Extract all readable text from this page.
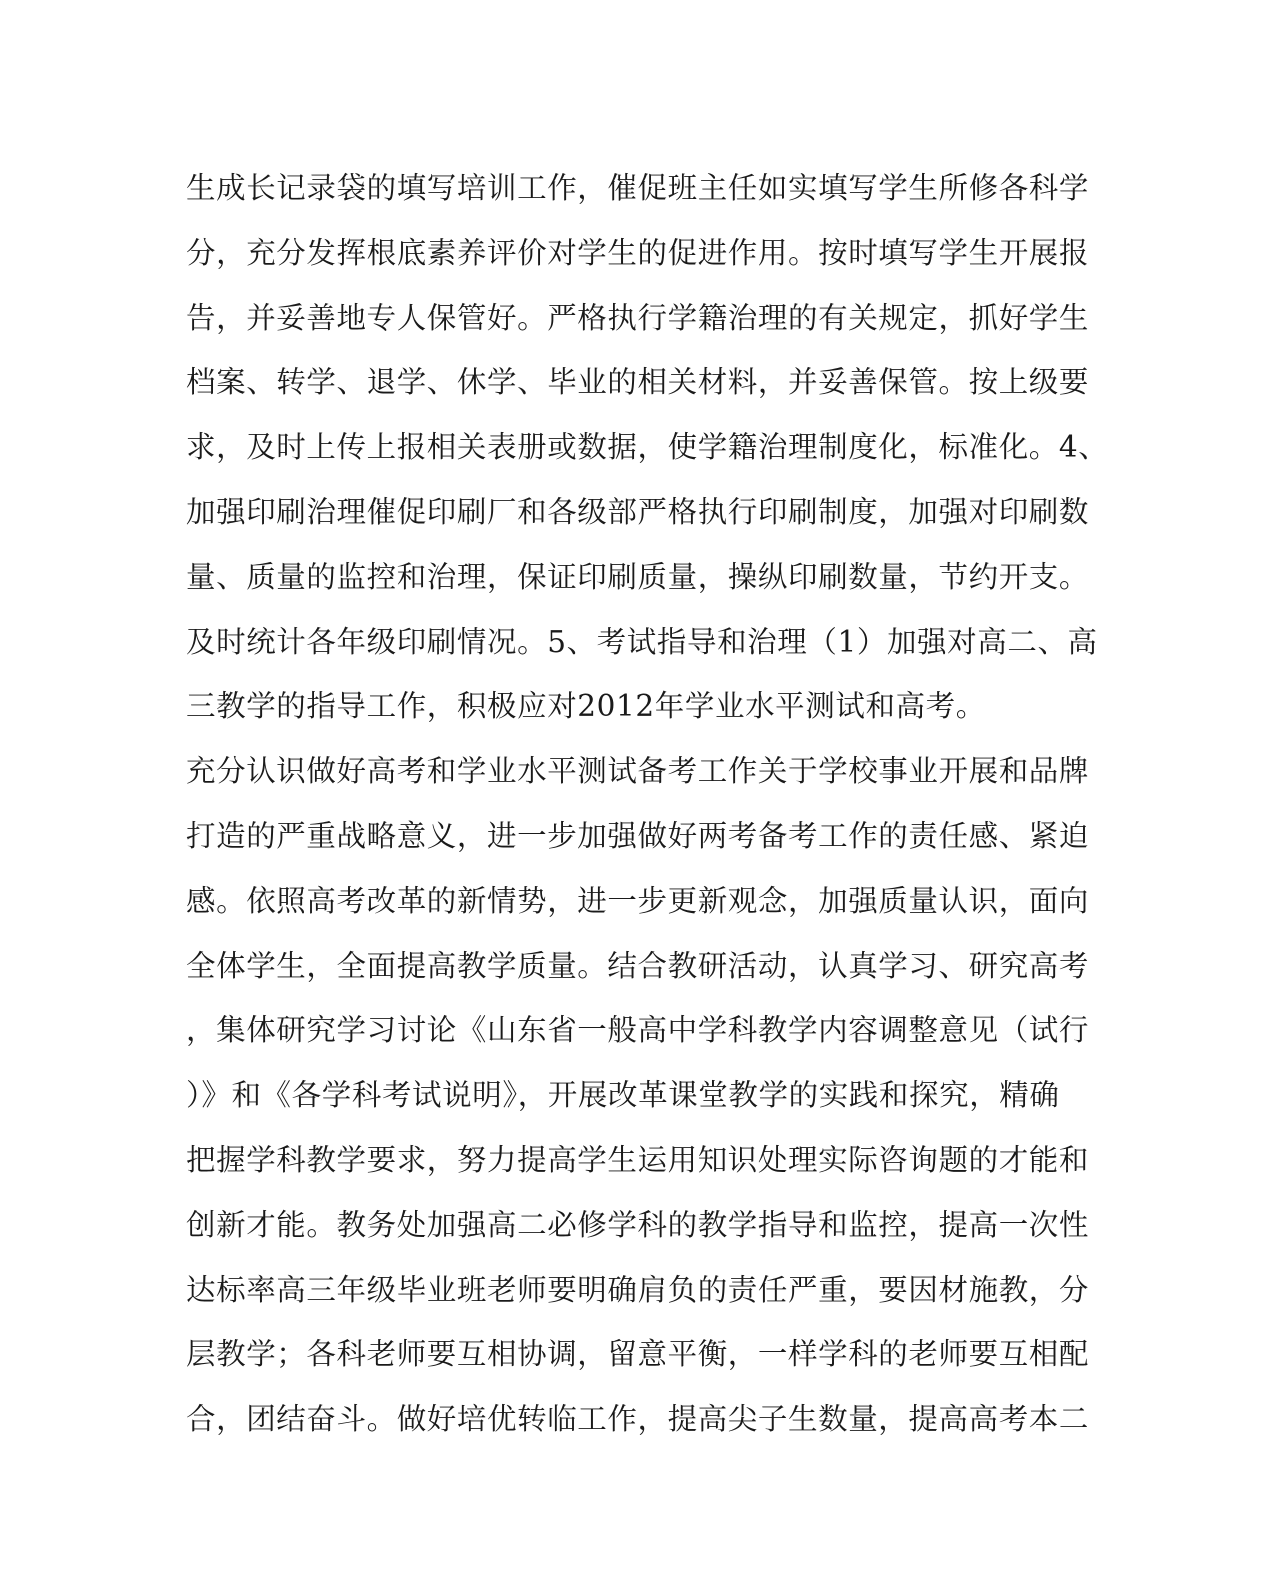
生成长记录袋的填写培训工作，催促班主任如实填写学生所修各科学
分，充分发挥根底素养评价对学生的促进作用。按时填写学生开展报
告，并妥善地专人保管好。严格执行学籍治理的有关规定，抓好学生
档案、转学、退学、休学、毕业的相关材料，并妥善保管。按上级要
求，及时上传上报相关表册或数据，使学籍治理制度化，标准化。4、
加强印刷治理催促印刷厂和各级部严格执行印刷制度，加强对印刷数
量、质量的监控和治理，保证印刷质量，操纵印刷数量，节约开支。
及时统计各年级印刷情况。5、考试指导和治理（1）加强对高二、高
三教学的指导工作，积极应对2012年学业水平测试和高考。
充分认识做好高考和学业水平测试备考工作关于学校事业开展和品牌
打造的严重战略意义，进一步加强做好两考备考工作的责任感、紧迫
感。依照高考改革的新情势，进一步更新观念，加强质量认识，面向
全体学生，全面提高教学质量。结合教研活动，认真学习、研究高考
，集体研究学习讨论《山东省一般高中学科教学内容调整意见（试行
）》和《各学科考试说明》，开展改革课堂教学的实践和探究，精确
把握学科教学要求，努力提高学生运用知识处理实际咨询题的才能和
创新才能。教务处加强高二必修学科的教学指导和监控，提高一次性
达标率高三年级毕业班老师要明确肩负的责任严重，要因材施教，分
层教学；各科老师要互相协调，留意平衡，一样学科的老师要互相配
合，团结奋斗。做好培优转临工作，提高尖子生数量，提高高考本二
